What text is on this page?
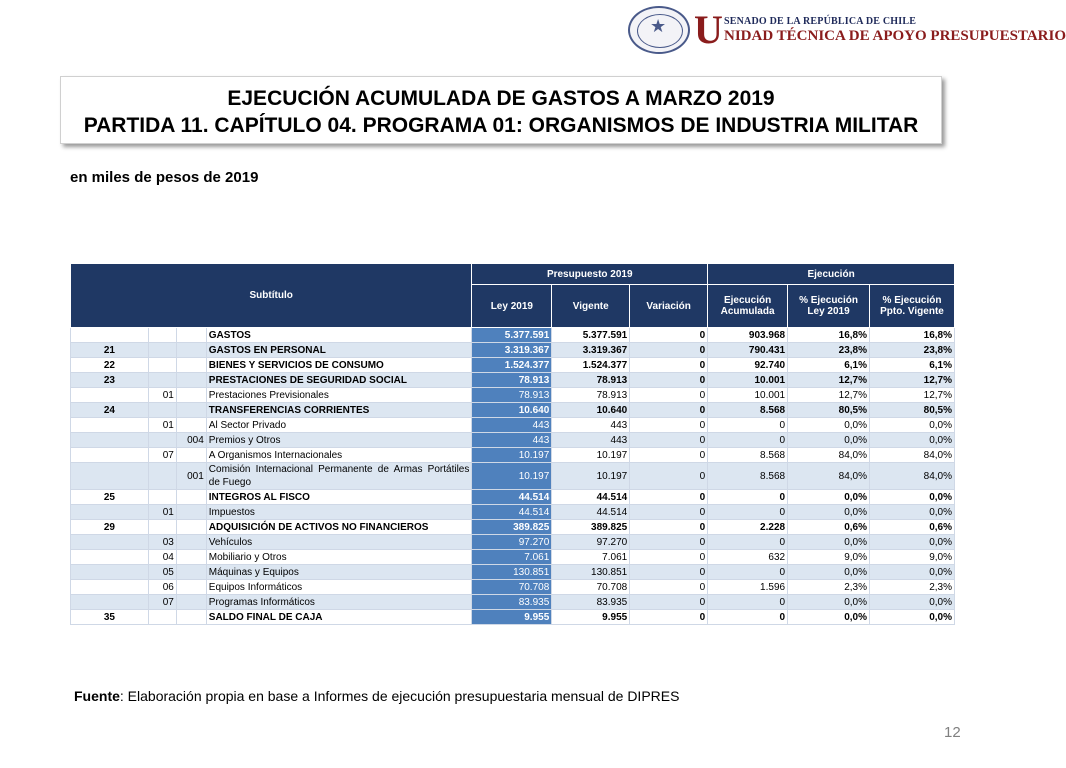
★ U SENADO DE LA REPÚBLICA DE CHILE
NIDAD TÉCNICA DE APOYO PRESUPUESTARIO
EJECUCIÓN ACUMULADA DE GASTOS A MARZO 2019
PARTIDA 11. CAPÍTULO 04. PROGRAMA 01: ORGANISMOS DE INDUSTRIA MILITAR
en miles de pesos de 2019
Subtítulo				Presupuesto 2019			Ejecución		
				Ley 2019	Vigente	Variación	Ejecución Acumulada	% Ejecución Ley 2019	% Ejecución Ppto. Vigente
			GASTOS	5.377.591	5.377.591	0	903.968	16,8%	16,8%
21			GASTOS EN PERSONAL	3.319.367	3.319.367	0	790.431	23,8%	23,8%
22			BIENES Y SERVICIOS DE CONSUMO	1.524.377	1.524.377	0	92.740	6,1%	6,1%
23			PRESTACIONES DE SEGURIDAD SOCIAL	78.913	78.913	0	10.001	12,7%	12,7%
	01		Prestaciones Previsionales	78.913	78.913	0	10.001	12,7%	12,7%
24			TRANSFERENCIAS CORRIENTES	10.640	10.640	0	8.568	80,5%	80,5%
	01		Al Sector Privado	443	443	0	0	0,0%	0,0%
		004	Premios y Otros	443	443	0	0	0,0%	0,0%
	07		A Organismos Internacionales	10.197	10.197	0	8.568	84,0%	84,0%
		001	Comisión Internacional Permanente de Armas Portátiles de Fuego	10.197	10.197	0	8.568	84,0%	84,0%
25			INTEGROS AL FISCO	44.514	44.514	0	0	0,0%	0,0%
	01		Impuestos	44.514	44.514	0	0	0,0%	0,0%
29			ADQUISICIÓN DE ACTIVOS NO FINANCIEROS	389.825	389.825	0	2.228	0,6%	0,6%
	03		Vehículos	97.270	97.270	0	0	0,0%	0,0%
	04		Mobiliario y Otros	7.061	7.061	0	632	9,0%	9,0%
	05		Máquinas y Equipos	130.851	130.851	0	0	0,0%	0,0%
	06		Equipos Informáticos	70.708	70.708	0	1.596	2,3%	2,3%
	07		Programas Informáticos	83.935	83.935	0	0	0,0%	0,0%
35			SALDO FINAL DE CAJA	9.955	9.955	0	0	0,0%	0,0%
Fuente: Elaboración propia en base a Informes de ejecución presupuestaria mensual de DIPRES
12
